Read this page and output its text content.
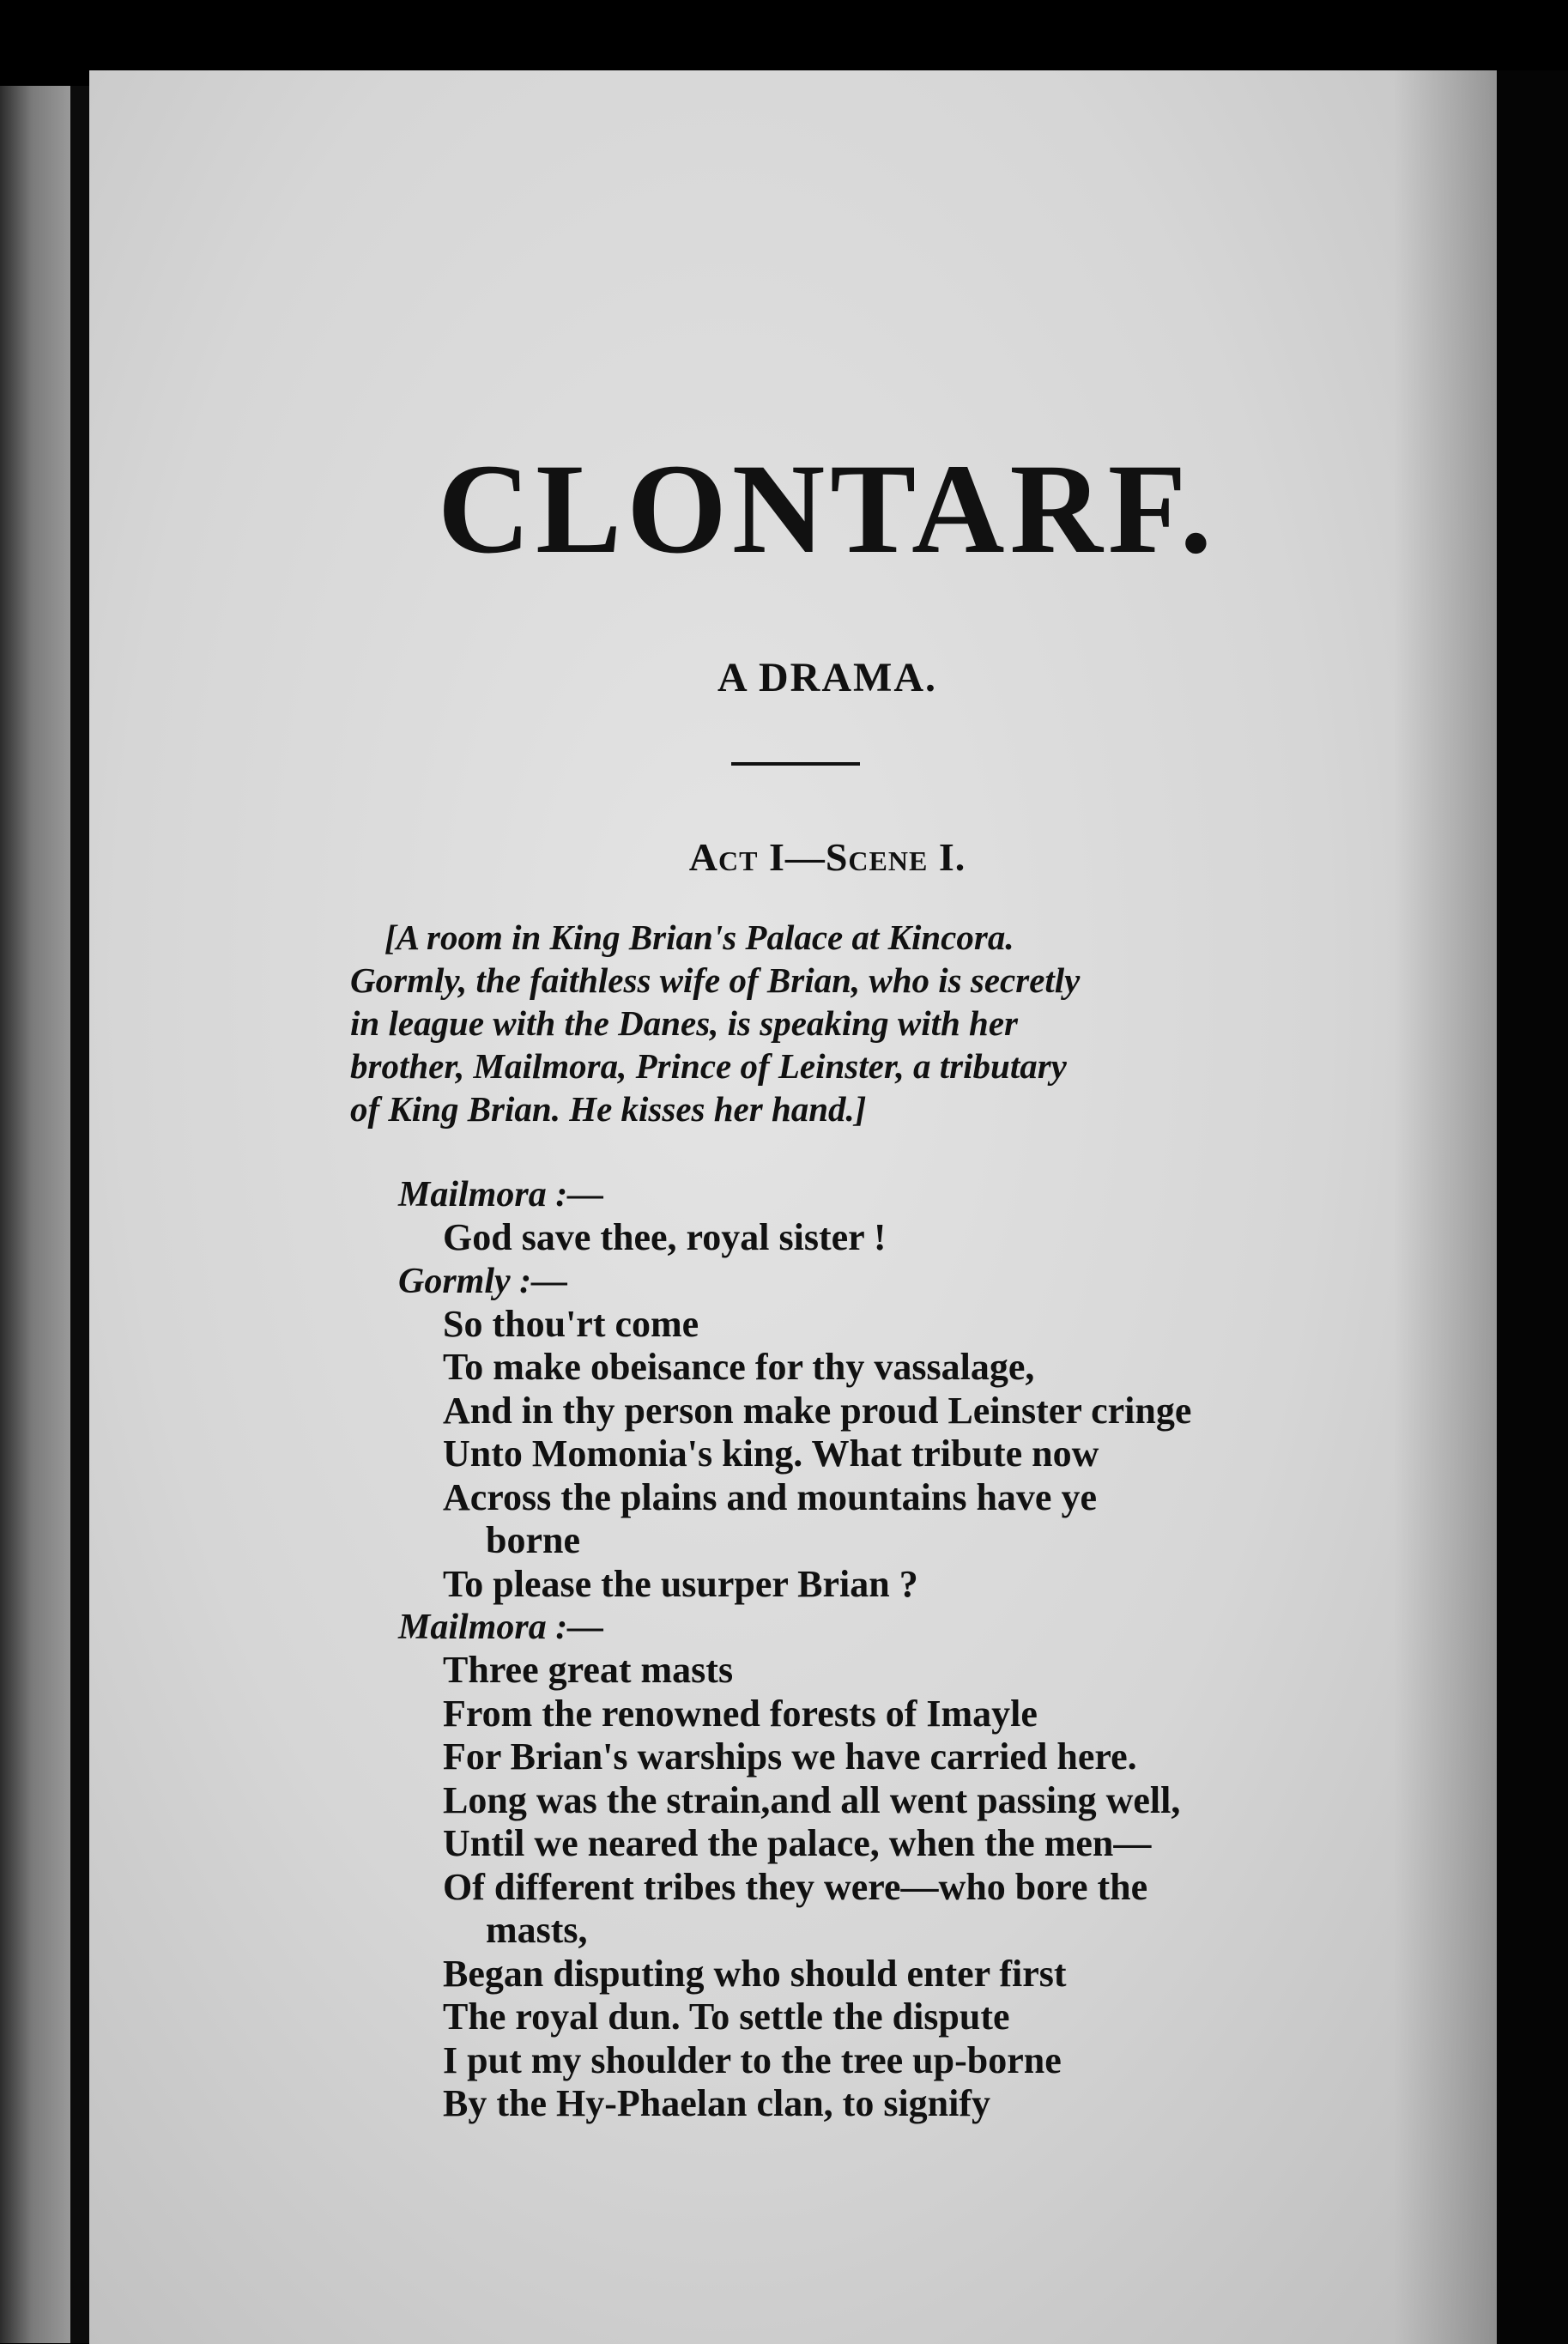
CLONTARF.
A DRAMA.
Act I—Scene I.
[A room in King Brian's Palace at Kincora.
Gormly, the faithless wife of Brian, who is secretly
in league with the Danes, is speaking with her
brother, Mailmora, Prince of Leinster, a tributary
of King Brian. He kisses her hand.]
Mailmora :—
God save thee, royal sister !
Gormly :—
So thou'rt come
To make obeisance for thy vassalage,
And in thy person make proud Leinster cringe
Unto Momonia's king. What tribute now
Across the plains and mountains have ye
borne
To please the usurper Brian ?
Mailmora :—
Three great masts
From the renowned forests of Imayle
For Brian's warships we have carried here.
Long was the strain,and all went passing well,
Until we neared the palace, when the men—
Of different tribes they were—who bore the
masts,
Began disputing who should enter first
The royal dun. To settle the dispute
I put my shoulder to the tree up-borne
By the Hy-Phaelan clan, to signify
